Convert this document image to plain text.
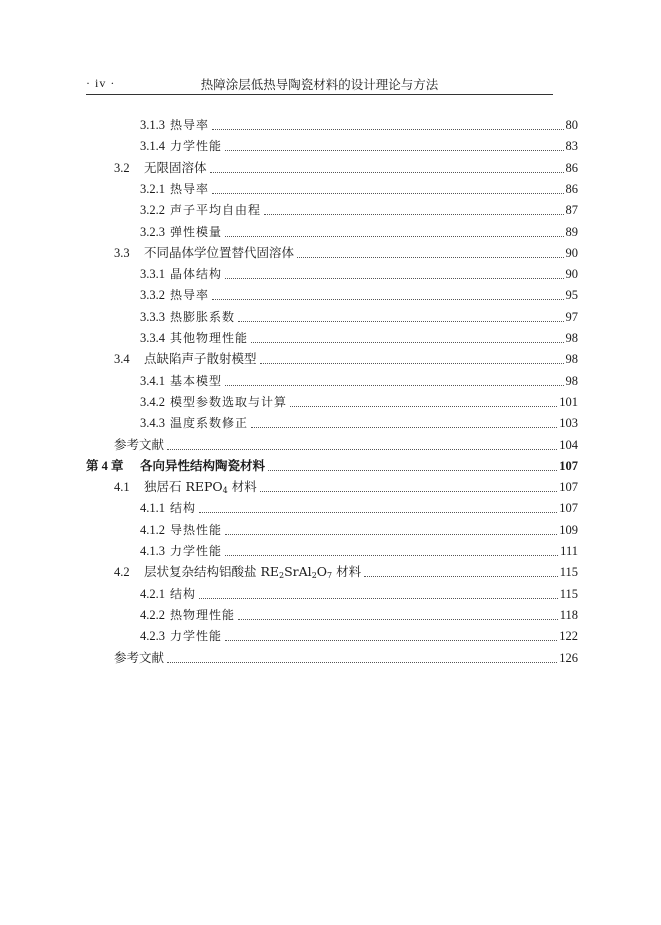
· iv ·	热障涂层低热导陶瓷材料的设计理论与方法
3.1.3 热导率	80
3.1.4 力学性能	83
3.2	无限固溶体	86
3.2.1 热导率	86
3.2.2 声子平均自由程	87
3.2.3 弹性模量	89
3.3	不同晶体学位置替代固溶体	90
3.3.1 晶体结构	90
3.3.2 热导率	95
3.3.3 热膨胀系数	97
3.3.4 其他物理性能	98
3.4	点缺陷声子散射模型	98
3.4.1 基本模型	98
3.4.2 模型参数选取与计算	101
3.4.3 温度系数修正	103
参考文献	104
第 4 章	各向异性结构陶瓷材料	107
4.1	独居石 $REPO_4$ 材料	107
4.1.1 结构	107
4.1.2 导热性能	109
4.1.3 力学性能	111
4.2	层状复杂结构铝酸盐 $RE_2SrAl_2O_7$ 材料	115
4.2.1 结构	115
4.2.2 热物理性能	118
4.2.3 力学性能	122
参考文献	126
